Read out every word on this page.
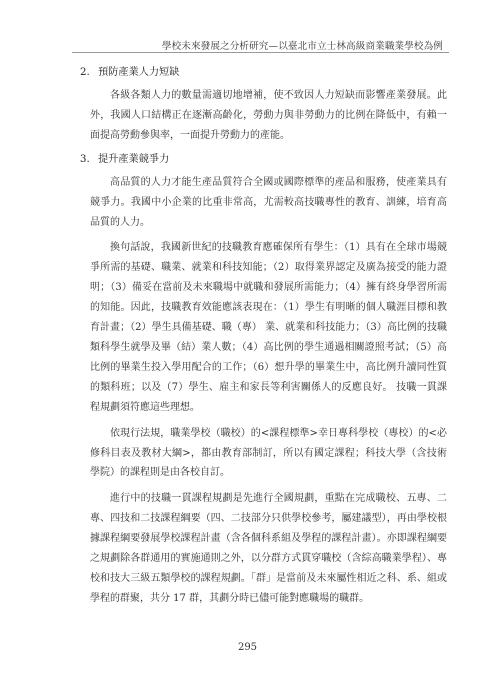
學校未來發展之分析研究—以臺北市立士林高級商業職業學校為例

2. 預防產業人力短缺

各級各類人力的數量需適切地增補，使不致因人力短缺而影響產業發展。此外，我國人口結構正在逐漸高齡化，勞動力與非勞動力的比例在降低中，有賴一面提高勞動參與率，一面提升勞動力的產能。

3. 提升產業競爭力

高品質的人力才能生產品質符合全國或國際標準的產品和服務，使產業具有競爭力。我國中小企業的比重非常高，尤需較高技職專性的教育、訓練，培育高品質的人力。

換句話說，我國新世紀的技職教育應確保所有學生：（1）具有在全球市場競爭所需的基礎、職業、就業和科技知能；（2）取得業界認定及廣為接受的能力證明；（3）備妥在當前及未來職場中就職和發展所需能力；（4）擁有終身學習所需的知能。因此，技職教育效能應該表現在：（1）學生有明晰的個人職涯目標和教育計畫；（2）學生具備基礎、職（專） 業、就業和科技能力；（3）高比例的技職類科學生就學及畢（結）業人數；（4）高比例的學生通過相關證照考試；（5）高比例的畢業生投入學用配合的工作；（6）想升學的畢業生中，高比例升讀同性質的類科班；以及（7）學生、雇主和家長等利害關係人的反應良好。 技職一貫課程規劃須符應這些理想。

依現行法規，職業學校（職校）的<課程標準>幸日專科學校（專校）的<必修科目表及教材大綱>，都由教育部制訂，所以有國定課程；科技大學（含技術學院）的課程則是由各校自訂。

進行中的技職一貫課程規劃是先進行全國規劃，重點在完成職校、五專、二專、四技和二技課程綱要（四、二技部分只供學校參考，屬建議型），再由學校根據課程綱要發展學校課程計畫（含各個科系組及學程的課程計畫）。亦即課程綱要之規劃除各群通用的實施通則之外，以分群方式貫穿職校（含綜高職業學程）、專校和技大三級五類學校的課程規劃。「群」是當前及未來屬性相近之科、系、組或學程的群聚，共分 17 群，其劃分時已儘可能對應職場的職群。

295
